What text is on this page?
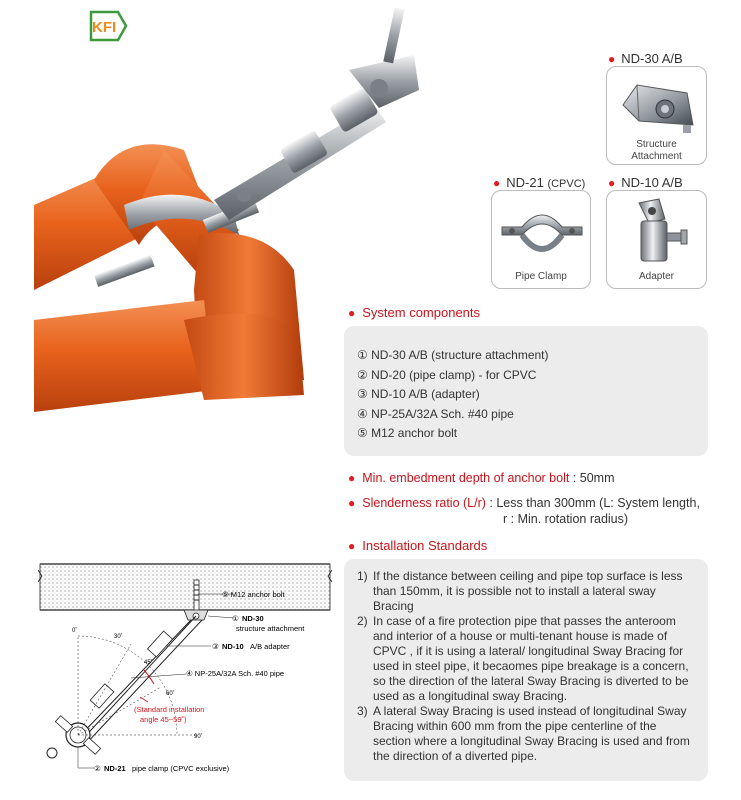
KFI
● ND-30 A/B
Structure
Attachment
● ND-21 (CPVC)
Pipe Clamp
● ND-10 A/B
Adapter
● System components
① ND-30 A/B (structure attachment)
② ND-20 (pipe clamp) - for CPVC
③ ND-10 A/B (adapter)
④ NP-25A/32A Sch. #40 pipe
⑤ M12 anchor bolt
● Min. embedment depth of anchor bolt : 50mm
● Slenderness ratio (L/r) : Less than 300mm (L: System length,
r : Min. rotation radius)
● Installation Standards
1) If the distance between ceiling and pipe top surface is less than 150mm, it is possible not to install a lateral sway Bracing
2) In case of a fire protection pipe that passes the anteroom and interior of a house or multi-tenant house is made of CPVC , if it is using a lateral/ longitudinal Sway Bracing for used in steel pipe, it becaomes pipe breakage is a concern, so the direction of the lateral Sway Bracing is diverted to be used as a longitudinal sway Bracing.
3) A lateral Sway Bracing is used instead of longitudinal Sway Bracing within 600 mm from the pipe centerline of the section where a longitudinal Sway Bracing is used and from the direction of a diverted pipe.
⑤ M12 anchor bolt
① ND-30
structure attachment
③ ND-10 A/B adapter
④ NP-25A/32A Sch. #40 pipe
② ND-21 pipe clamp (CPVC exclusive)
(Standard installation
angle 45~59˚)
0˚
30˚
45˚
60˚
90˚
